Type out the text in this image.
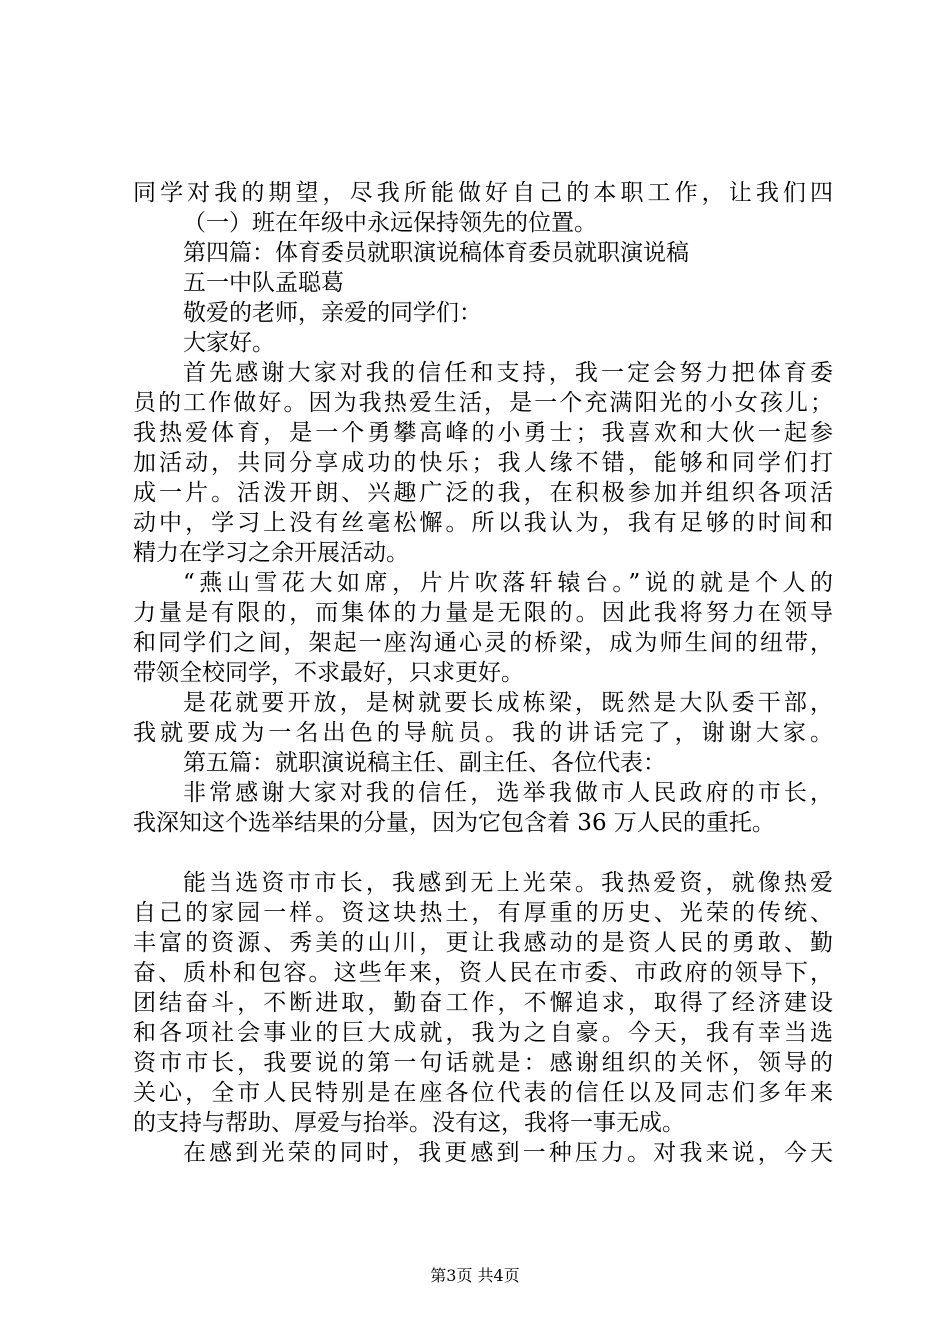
同学对我的期望，尽我所能做好自己的本职工作，让我们四
（一）班在年级中永远保持领先的位置。
第四篇：体育委员就职演说稿体育委员就职演说稿
五一中队孟聪葛
敬爱的老师，亲爱的同学们：
大家好。
首先感谢大家对我的信任和支持，我一定会努力把体育委
员的工作做好。因为我热爱生活，是一个充满阳光的小女孩儿；
我热爱体育，是一个勇攀高峰的小勇士；我喜欢和大伙一起参
加活动，共同分享成功的快乐；我人缘不错，能够和同学们打
成一片。活泼开朗、兴趣广泛的我，在积极参加并组织各项活
动中，学习上没有丝毫松懈。所以我认为，我有足够的时间和
精力在学习之余开展活动。
“燕山雪花大如席，片片吹落轩辕台。”说的就是个人的
力量是有限的，而集体的力量是无限的。因此我将努力在领导
和同学们之间，架起一座沟通心灵的桥梁，成为师生间的纽带，
带领全校同学，不求最好，只求更好。
是花就要开放，是树就要长成栋梁，既然是大队委干部，
我就要成为一名出色的导航员。我的讲话完了，谢谢大家。
第五篇：就职演说稿主任、副主任、各位代表：
非常感谢大家对我的信任，选举我做市人民政府的市长，
我深知这个选举结果的分量，因为它包含着 36 万人民的重托。
能当选资市市长，我感到无上光荣。我热爱资，就像热爱
自己的家园一样。资这块热土，有厚重的历史、光荣的传统、
丰富的资源、秀美的山川，更让我感动的是资人民的勇敢、勤
奋、质朴和包容。这些年来，资人民在市委、市政府的领导下，
团结奋斗，不断进取，勤奋工作，不懈追求，取得了经济建设
和各项社会事业的巨大成就，我为之自豪。今天，我有幸当选
资市市长，我要说的第一句话就是：感谢组织的关怀，领导的
关心，全市人民特别是在座各位代表的信任以及同志们多年来
的支持与帮助、厚爱与抬举。没有这，我将一事无成。
在感到光荣的同时，我更感到一种压力。对我来说，今天
第3页 共4页
